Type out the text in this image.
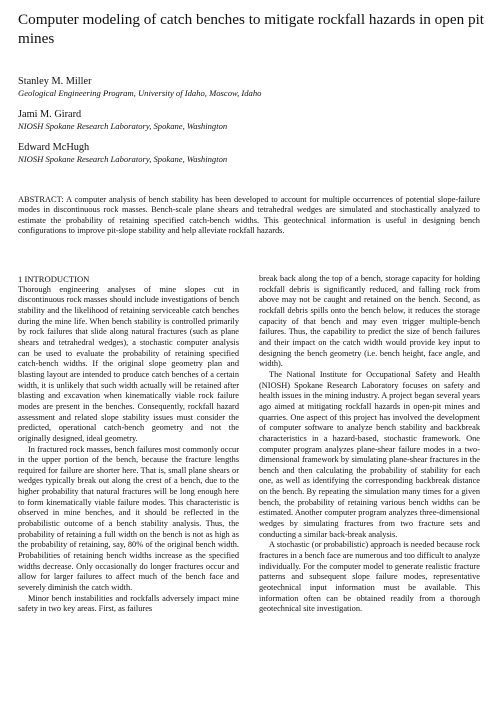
Computer modeling of catch benches to mitigate rockfall hazards in open pit mines
Stanley M. Miller
Geological Engineering Program, University of Idaho, Moscow, Idaho
Jami M. Girard
NIOSH Spokane Research Laboratory, Spokane, Washington
Edward McHugh
NIOSH Spokane Research Laboratory, Spokane, Washington

ABSTRACT: A computer analysis of bench stability has been developed to account for multiple occurrences of potential slope-failure modes in discontinuous rock masses. Bench-scale plane shears and tetrahedral wedges are simulated and stochastically analyzed to estimate the probability of retaining specified catch-bench widths. This geotechnical information is useful in designing bench configurations to improve pit-slope stability and help alleviate rockfall hazards.

1 INTRODUCTION

Thorough engineering analyses of mine slopes cut in discontinuous rock masses should include investigations of bench stability and the likelihood of retaining serviceable catch benches during the mine life. When bench stability is controlled primarily by rock failures that slide along natural fractures (such as plane shears and tetrahedral wedges), a stochastic computer analysis can be used to evaluate the probability of retaining specified catch-bench widths. If the original slope geometry plan and blasting layout are intended to produce catch benches of a certain width, it is unlikely that such width actually will be retained after blasting and excavation when kinematically viable rock failure modes are present in the benches. Consequently, rockfall hazard assessment and related slope stability issues must consider the predicted, operational catch-bench geometry and not the originally designed, ideal geometry.

In fractured rock masses, bench failures most commonly occur in the upper portion of the bench, because the fracture lengths required for failure are shorter here. That is, small plane shears or wedges typically break out along the crest of a bench, due to the higher probability that natural fractures will be long enough here to form kinematically viable failure modes. This characteristic is observed in mine benches, and it should be reflected in the probabilistic outcome of a bench stability analysis. Thus, the probability of retaining a full width on the bench is not as high as the probability of retaining, say, 80% of the original bench width. Probabilities of retaining bench widths increase as the specified widths decrease. Only occasionally do longer fractures occur and allow for larger failures to affect much of the bench face and severely diminish the catch width.

Minor bench instabilities and rockfalls adversely impact mine safety in two key areas. First, as failures

break back along the top of a bench, storage capacity for holding rockfall debris is significantly reduced, and falling rock from above may not be caught and retained on the bench. Second, as rockfall debris spills onto the bench below, it reduces the storage capacity of that bench and may even trigger multiple-bench failures. Thus, the capability to predict the size of bench failures and their impact on the catch width would provide key input to designing the bench geometry (i.e. bench height, face angle, and width).

The National Institute for Occupational Safety and Health (NIOSH) Spokane Research Laboratory focuses on safety and health issues in the mining industry. A project began several years ago aimed at mitigating rockfall hazards in open-pit mines and quarries. One aspect of this project has involved the development of computer software to analyze bench stability and backbreak characteristics in a hazard-based, stochastic framework. One computer program analyzes plane-shear failure modes in a two-dimensional framework by simulating plane-shear fractures in the bench and then calculating the probability of stability for each one, as well as identifying the corresponding backbreak distance on the bench. By repeating the simulation many times for a given bench, the probability of retaining various bench widths can be estimated. Another computer program analyzes three-dimensional wedges by simulating fractures from two fracture sets and conducting a similar back-break analysis.

A stochastic (or probabilistic) approach is needed because rock fractures in a bench face are numerous and too difficult to analyze individually. For the computer model to generate realistic fracture patterns and subsequent slope failure modes, representative geotechnical input information must be available. This information often can be obtained readily from a thorough geotechnical site investigation.
